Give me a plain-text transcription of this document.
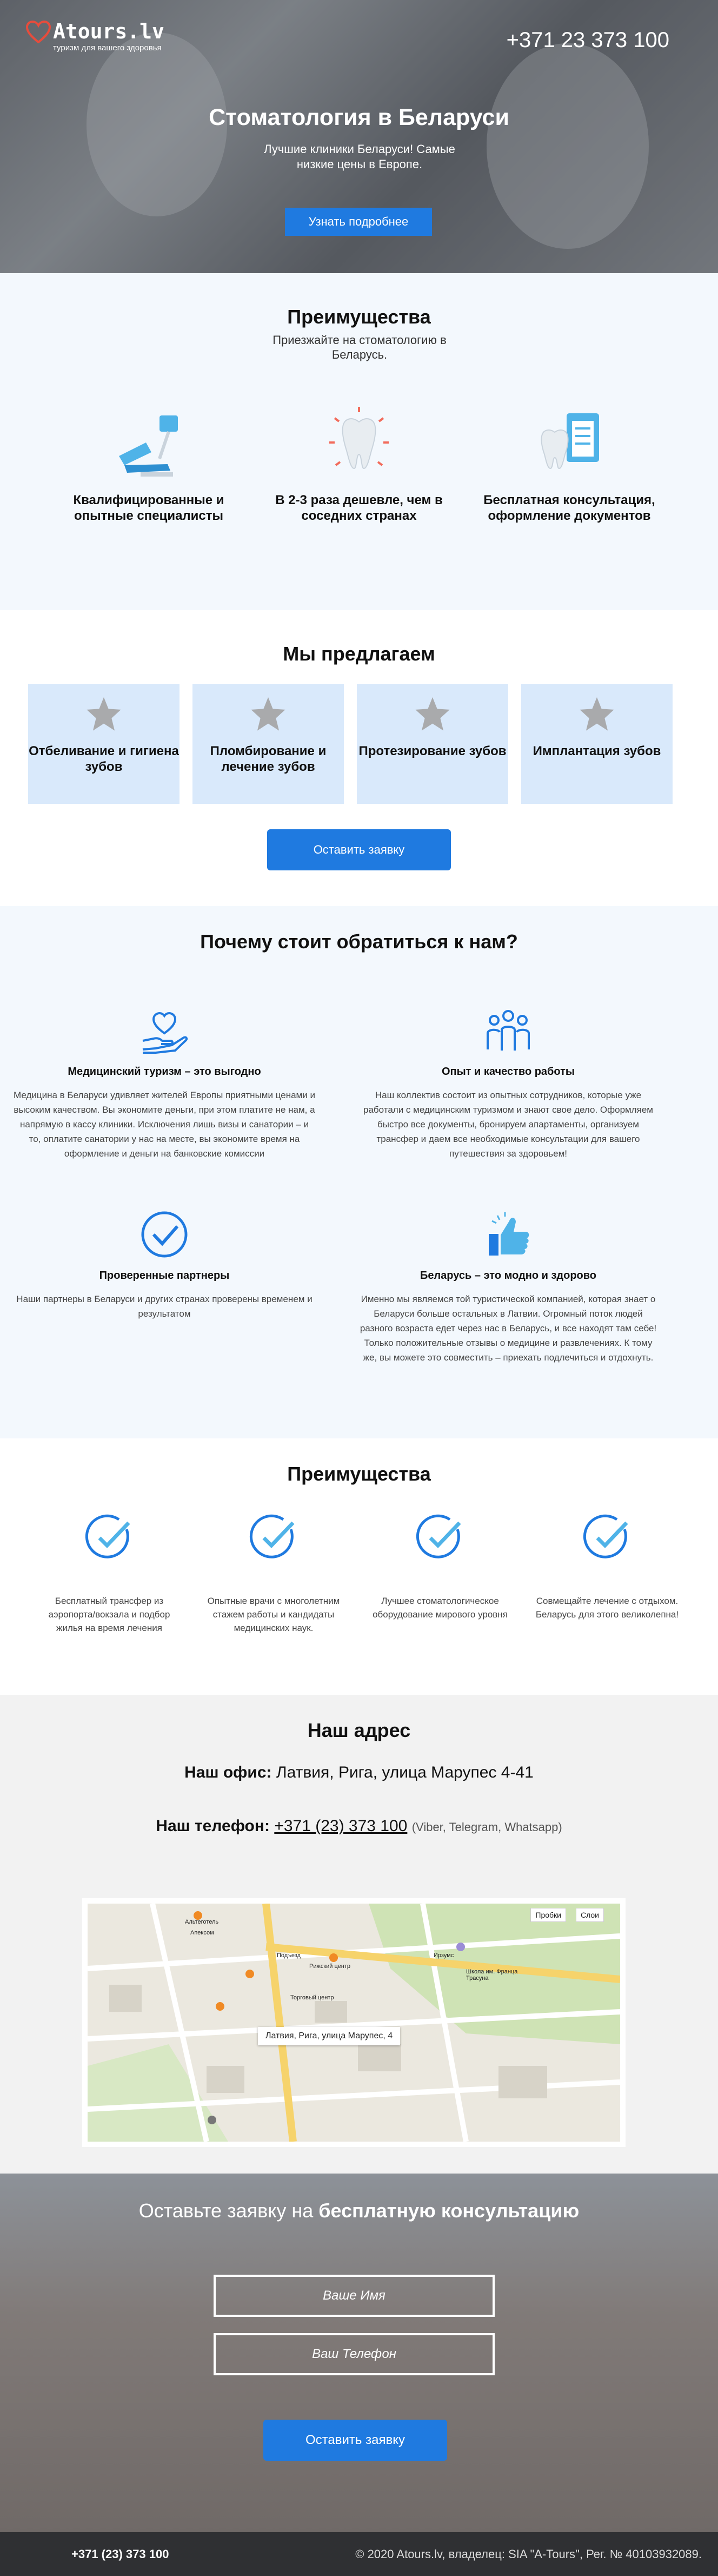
Atours.lv
туризм для вашего здоровья	+371 23 373 100
Стоматология в Беларуси

Лучшие клиники Беларуси! Самые низкие цены в Европе.

Узнать подробнее
Преимущества

Приезжайте на стоматологию в Беларусь.

Квалифицированные и опытные специалисты

В 2-3 раза дешевле, чем в соседних странах

Бесплатная консультация, оформление документов

Мы предлагаем

Отбеливание и гигиена зубов

Пломбирование и лечение зубов

Протезирование зубов	Имплантация зубов

Оставить заявку
Почему стоит обратиться к нам?
Медицинский туризм – это выгодно

Медицина в Беларуси удивляет жителей Европы приятными ценами и высоким качеством. Вы экономите деньги, при этом платите не нам, а напрямую в кассу клиники. Исключения лишь визы и санатории – и то, оплатите санатории у нас на месте, вы экономите время на оформление и деньги на банковские комиссии

Опыт и качество работы

Наш коллектив состоит из опытных сотрудников, которые уже работали с медицинским туризмом и знают свое дело. Оформляем быстро все документы, бронируем апартаменты, организуем трансфер и даем все необходимые консультации для вашего путешествия за здоровьем!

Проверенные партнеры

Наши партнеры в Беларуси и других странах проверены временем и результатом

Беларусь – это модно и здорово

Именно мы являемся той туристической компанией, которая знает о Беларуси больше остальных в Латвии. Огромный поток людей разного возраста едет через нас в Беларусь, и все находят там себе! Только положительные отзывы о медицине и развлечениях. К тому же, вы можете это совместить – приехать подлечиться и отдохнуть.

Преимущества

Бесплатный трансфер из аэропорта/вокзала и подбор жилья на время лечения

Опытные врачи с многолетним стажем работы и кандидаты медицинских наук.

Лучшее стоматологическое оборудование мирового уровня

Совмещайте лечение с отдыхом. Беларусь для этого великолепна!

Наш адрес
Наш офис: Латвия, Рига, улица Марупес 4-41
Наш телефон: +371 (23) 373 100 (Viber, Telegram, Whatsapp)
Пробки	Слои
Альтеготель
Апексом
Подъезд
Рижский центр
Торговый центр
Ирзумс
Школа им. Франца Трасуна
Латвия, Рига, улица Марупес, 4
Оставьте заявку на бесплатную консультацию
Ваше Имя
Ваш Телефон
Оставить заявку
+371 (23) 373 100	© 2020 Atours.lv, владелец: SIA "A-Tours", Рег. № 40103932089.
